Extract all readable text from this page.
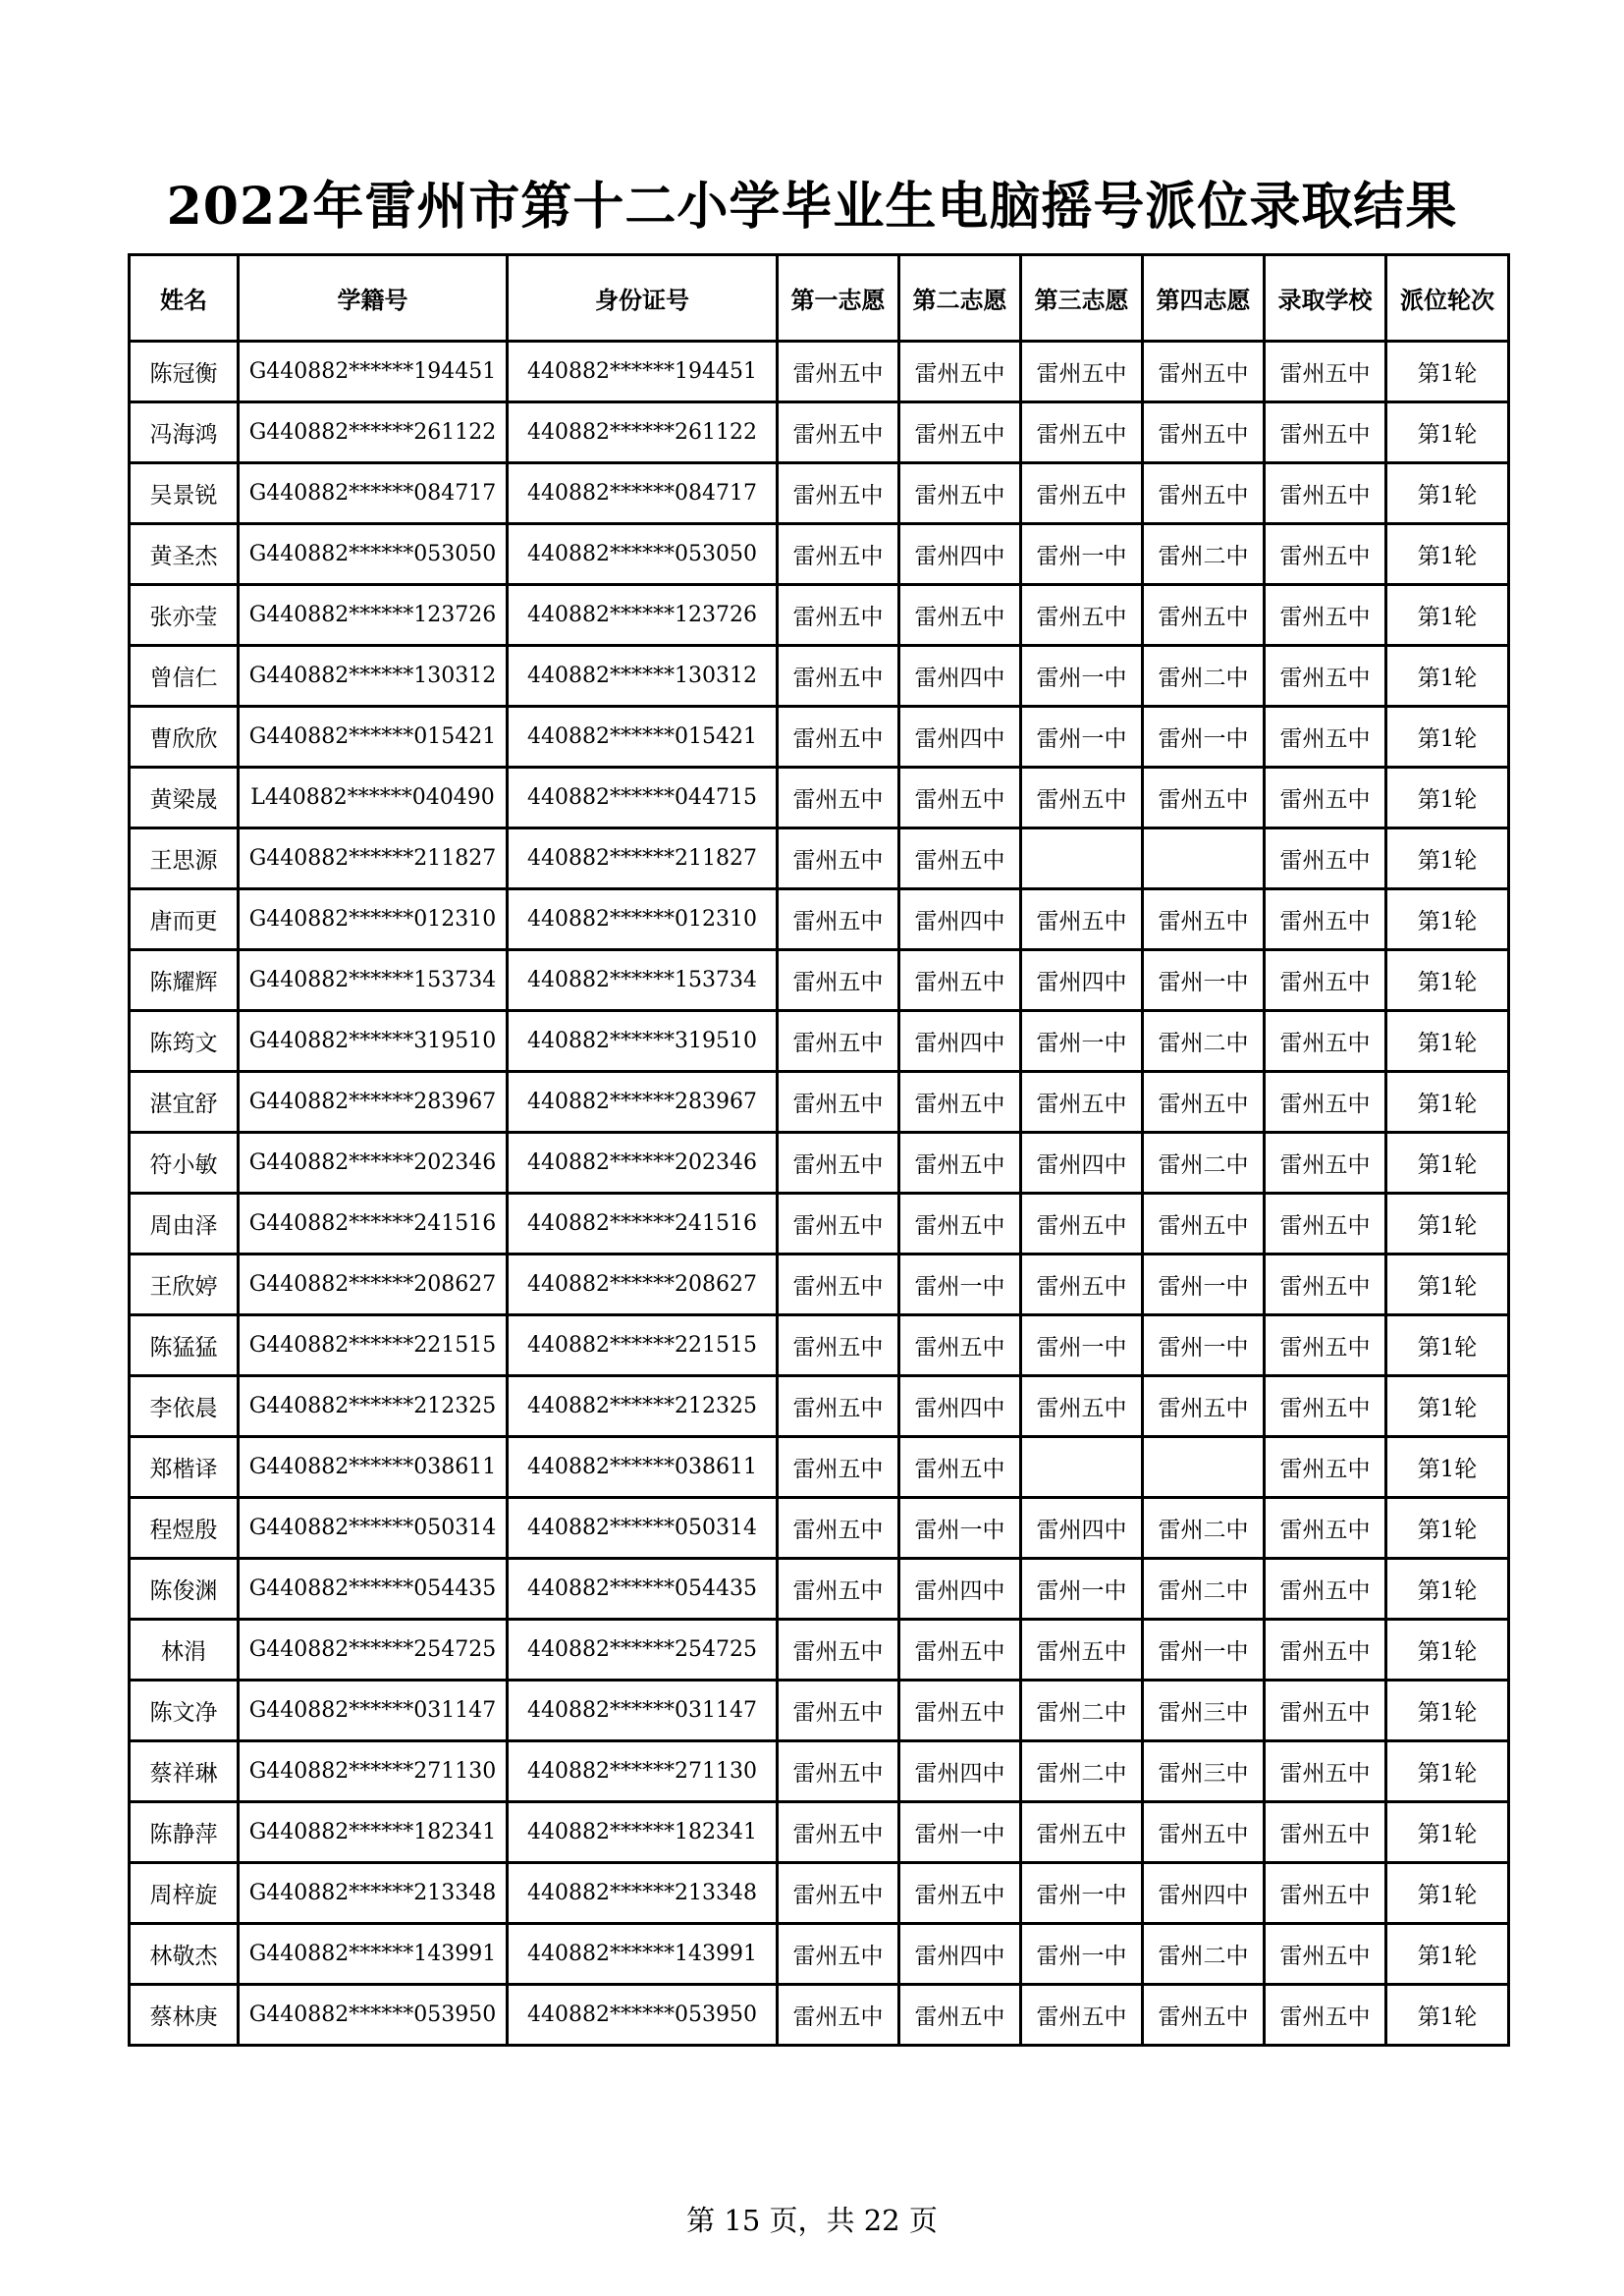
2022年雷州市第十二小学毕业生电脑摇号派位录取结果
姓名	学籍号	身份证号	第一志愿	第二志愿	第三志愿	第四志愿	录取学校	派位轮次
陈冠衡	G440882******194451	440882******194451	雷州五中	雷州五中	雷州五中	雷州五中	雷州五中	第1轮
冯海鸿	G440882******261122	440882******261122	雷州五中	雷州五中	雷州五中	雷州五中	雷州五中	第1轮
吴景锐	G440882******084717	440882******084717	雷州五中	雷州五中	雷州五中	雷州五中	雷州五中	第1轮
黄圣杰	G440882******053050	440882******053050	雷州五中	雷州四中	雷州一中	雷州二中	雷州五中	第1轮
张亦莹	G440882******123726	440882******123726	雷州五中	雷州五中	雷州五中	雷州五中	雷州五中	第1轮
曾信仁	G440882******130312	440882******130312	雷州五中	雷州四中	雷州一中	雷州二中	雷州五中	第1轮
曹欣欣	G440882******015421	440882******015421	雷州五中	雷州四中	雷州一中	雷州一中	雷州五中	第1轮
黄梁晟	L440882******040490	440882******044715	雷州五中	雷州五中	雷州五中	雷州五中	雷州五中	第1轮
王思源	G440882******211827	440882******211827	雷州五中	雷州五中			雷州五中	第1轮
唐而更	G440882******012310	440882******012310	雷州五中	雷州四中	雷州五中	雷州五中	雷州五中	第1轮
陈耀辉	G440882******153734	440882******153734	雷州五中	雷州五中	雷州四中	雷州一中	雷州五中	第1轮
陈筠文	G440882******319510	440882******319510	雷州五中	雷州四中	雷州一中	雷州二中	雷州五中	第1轮
湛宜舒	G440882******283967	440882******283967	雷州五中	雷州五中	雷州五中	雷州五中	雷州五中	第1轮
符小敏	G440882******202346	440882******202346	雷州五中	雷州五中	雷州四中	雷州二中	雷州五中	第1轮
周由泽	G440882******241516	440882******241516	雷州五中	雷州五中	雷州五中	雷州五中	雷州五中	第1轮
王欣婷	G440882******208627	440882******208627	雷州五中	雷州一中	雷州五中	雷州一中	雷州五中	第1轮
陈猛猛	G440882******221515	440882******221515	雷州五中	雷州五中	雷州一中	雷州一中	雷州五中	第1轮
李依晨	G440882******212325	440882******212325	雷州五中	雷州四中	雷州五中	雷州五中	雷州五中	第1轮
郑楷译	G440882******038611	440882******038611	雷州五中	雷州五中			雷州五中	第1轮
程煜殷	G440882******050314	440882******050314	雷州五中	雷州一中	雷州四中	雷州二中	雷州五中	第1轮
陈俊渊	G440882******054435	440882******054435	雷州五中	雷州四中	雷州一中	雷州二中	雷州五中	第1轮
林涓	G440882******254725	440882******254725	雷州五中	雷州五中	雷州五中	雷州一中	雷州五中	第1轮
陈文净	G440882******031147	440882******031147	雷州五中	雷州五中	雷州二中	雷州三中	雷州五中	第1轮
蔡祥琳	G440882******271130	440882******271130	雷州五中	雷州四中	雷州二中	雷州三中	雷州五中	第1轮
陈静萍	G440882******182341	440882******182341	雷州五中	雷州一中	雷州五中	雷州五中	雷州五中	第1轮
周梓旋	G440882******213348	440882******213348	雷州五中	雷州五中	雷州一中	雷州四中	雷州五中	第1轮
林敬杰	G440882******143991	440882******143991	雷州五中	雷州四中	雷州一中	雷州二中	雷州五中	第1轮
蔡林庚	G440882******053950	440882******053950	雷州五中	雷州五中	雷州五中	雷州五中	雷州五中	第1轮
第 15 页，共 22 页
